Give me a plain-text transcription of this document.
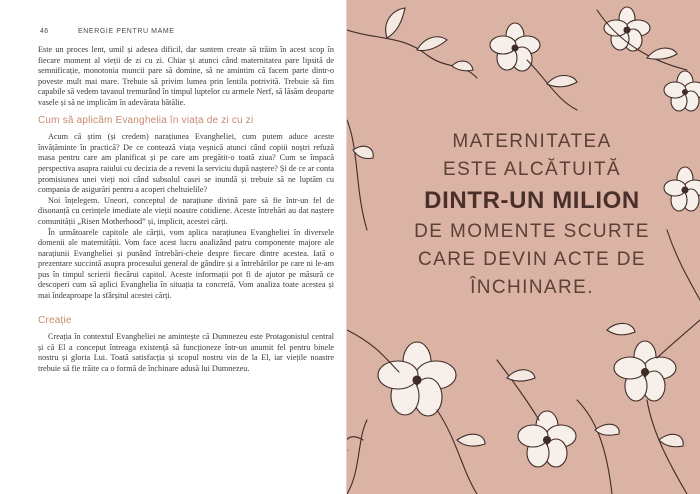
46	ENERGIE PENTRU MAME

Este un proces lent, umil și adesea dificil, dar suntem create să trăim în acest scop în fiecare moment al vieții de zi cu zi. Chiar și atunci când maternitatea pare lipsită de semnificație, monotonia muncii pare să domine, să ne amintim că facem parte dintr-o poveste mult mai mare. Trebuie să privim lumea prin lentila potrivită. Trebuie să fim capabile să vedem tavanul tremurând în timpul luptelor cu armele Nerf, să lăsăm deoparte vasele și să ne implicăm în adevărata bătălie.

Cum să aplicăm Evanghelia în viața de zi cu zi

Acum că știm (și credem) narațiunea Evangheliei, cum putem aduce acestе învățăminte în practică? De ce contează viața veșnică atunci când copiii noștri refuză masa pentru care am planificat și pe care am pregătit-o toată ziua? Cum se împacă perspectiva asupra raiului cu decizia de a reveni la serviciu după naștere? Și de ce ar conta promisiunea unei vieți noi când subsolul casei se inundă și trebuie să ne luptăm cu compania de asigurări pentru a acoperi cheltuielile?

Noi înțelegem. Uneori, conceptul de narațiune divină pare să fie într-un fel de disonanță cu cerințele imediate ale vieții noastre cotidiene. Aceste întrebări au dat naștere comunității „Risen Motherhood” și, implicit, acestei cărți.

În următoarele capitole ale cărții, vom aplica narațiunea Evangheliei în diversele domenii ale maternității. Vom face acest lucru analizând patru componente majore ale narațiunii Evangheliei și punând întrebări-cheie despre fiecare dintre acestea. Iată o prezentare succintă asupra procesului general de gândire și a întrebărilor pe care ni le-am pus în timpul scrierii fiecărui capitol. Aceste informații pot fi de ajutor pe măsură ce descoperi cum să aplici Evanghelia în situația ta concretă. Vom analiza toate acestea și mai îndeaproape la sfârșitul acestei cărți.

Creație

Creația în contextul Evangheliei ne amintește că Dumnezeu este Protagonistul central și că El a conceput întreaga existență să funcționeze într-un anumit fel pentru binele nostru și gloria Lui. Toată satisfacția și scopul nostru vin de la El, iar viețile noastre trebuie să fie trăite ca o formă de închinare adusă lui Dumnezeu.

MATERNITATEA
ESTE ALCĂTUITĂ
DINTR-UN MILION
DE MOMENTE SCURTE
CARE DEVIN ACTE DE
ÎNCHINARE.
